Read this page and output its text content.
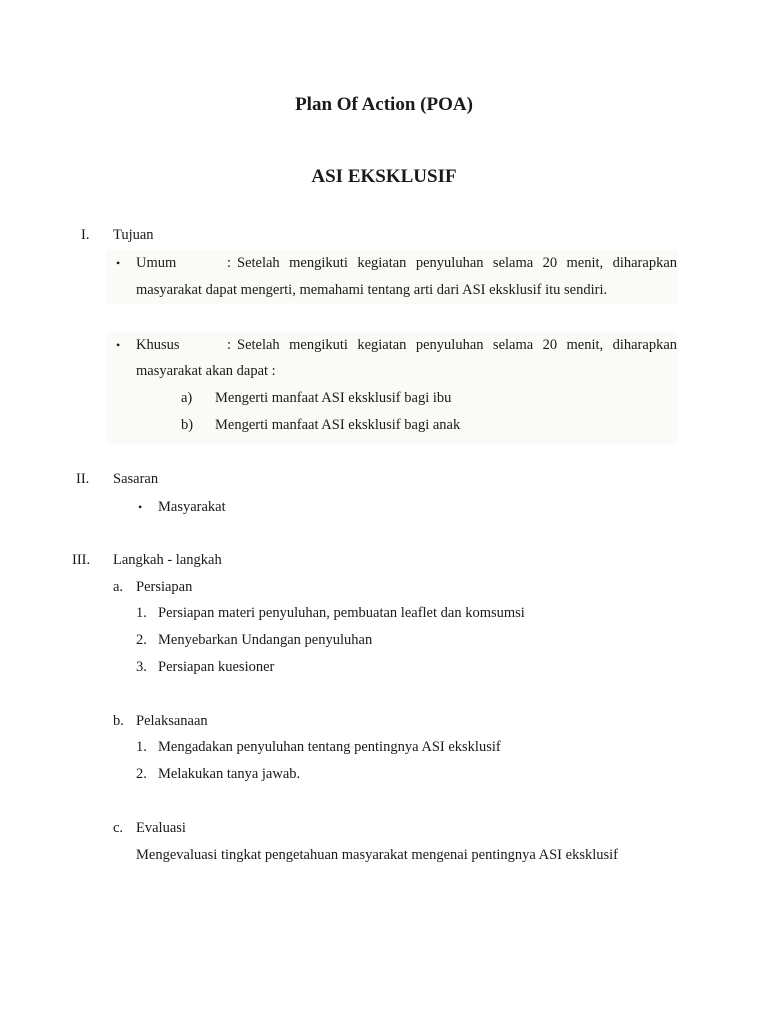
Plan Of Action (POA)
ASI EKSKLUSIF
I. Tujuan
• Umum	: Setelah mengikuti kegiatan penyuluhan selama 20 menit, diharapkan
masyarakat dapat mengerti, memahami tentang arti dari ASI eksklusif itu sendiri.
• Khusus	: Setelah mengikuti kegiatan penyuluhan selama 20 menit, diharapkan
masyarakat akan dapat :
a) Mengerti manfaat ASI eksklusif bagi ibu
b) Mengerti manfaat ASI eksklusif bagi anak
II. Sasaran
• Masyarakat
III. Langkah - langkah
a. Persiapan
1. Persiapan materi penyuluhan, pembuatan leaflet dan komsumsi
2. Menyebarkan Undangan penyuluhan
3. Persiapan kuesioner
b. Pelaksanaan
1. Mengadakan penyuluhan tentang pentingnya ASI eksklusif
2. Melakukan tanya jawab.
c. Evaluasi
Mengevaluasi tingkat pengetahuan masyarakat mengenai pentingnya ASI eksklusif
